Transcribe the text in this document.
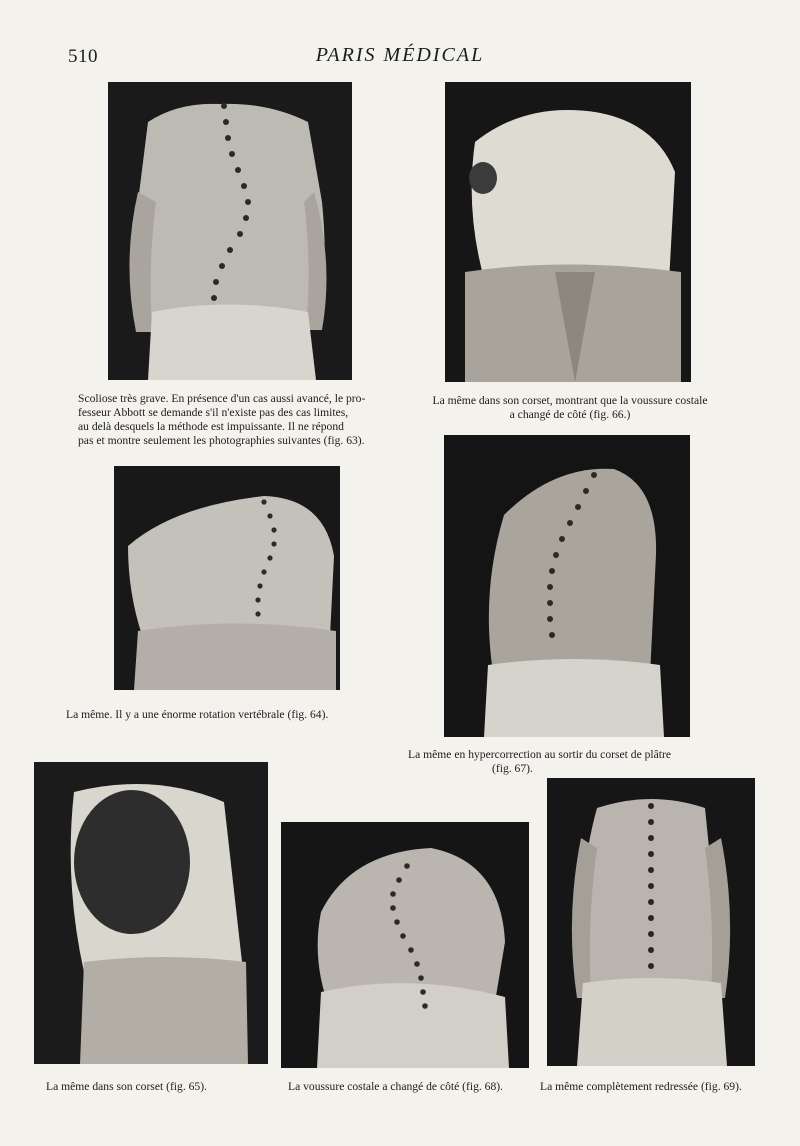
510	PARIS MÉDICAL
Scoliose très grave. En présence d'un cas aussi avancé, le pro-
fesseur Abbott se demande s'il n'existe pas des cas limites,
au delà desquels la méthode est impuissante. Il ne répond
pas et montre seulement les photographies suivantes (fig. 63).
La même dans son corset, montrant que la voussure costale
a changé de côté (fig. 66.)
La même. Il y a une énorme rotation vertébrale (fig. 64).
La même en hypercorrection au sortir du corset de plâtre
(fig. 67).
La même dans son corset (fig. 65).	La voussure costale a changé de côté (fig. 68).	La même complètement redressée (fig. 69).
